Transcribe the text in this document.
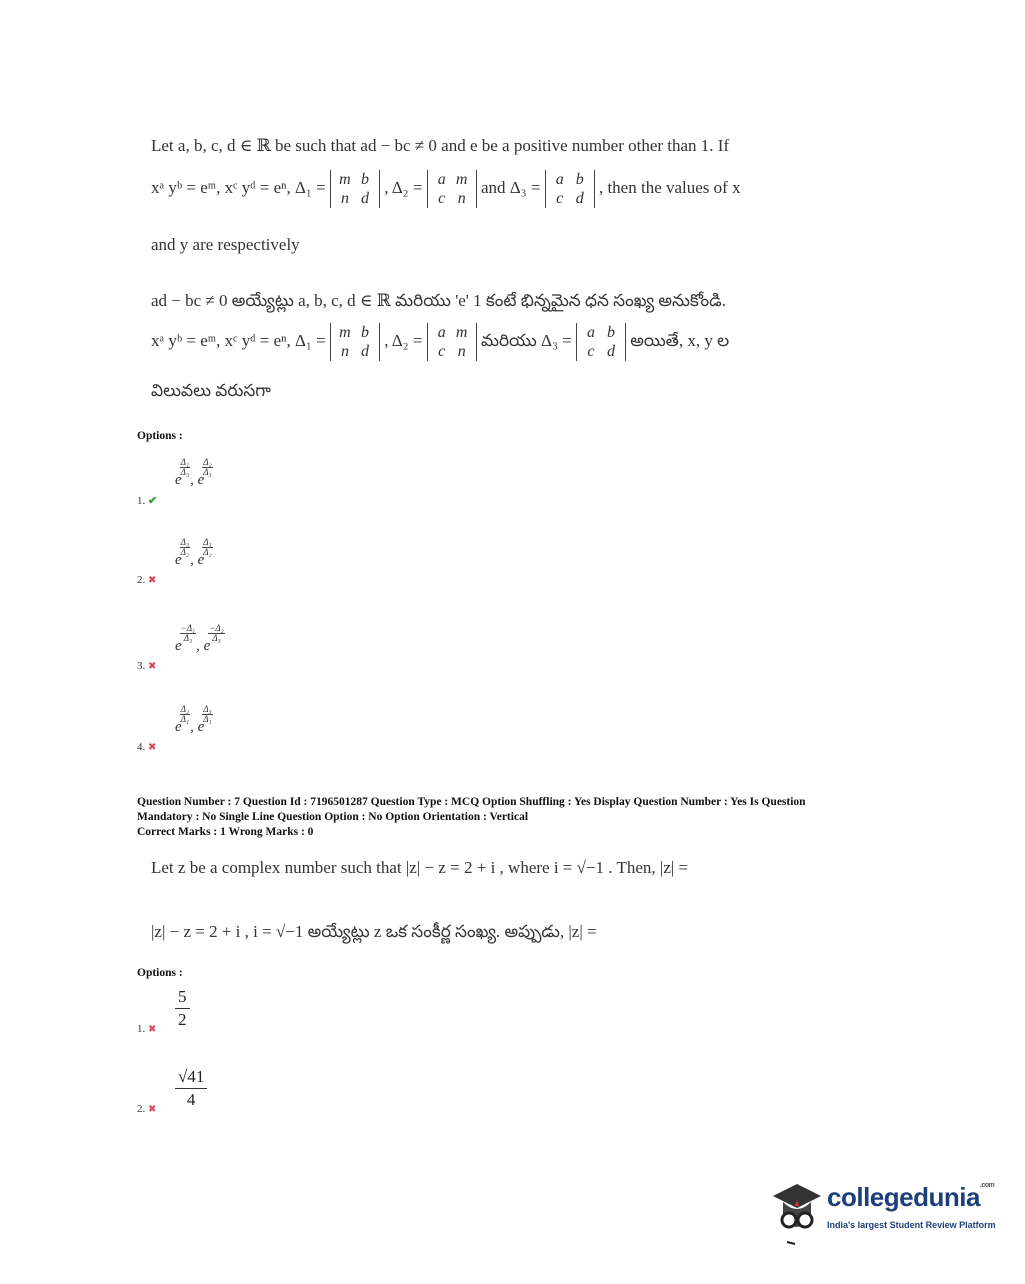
Let a, b, c, d ∈ ℝ be such that ad − bc ≠ 0 and e be a positive number other than 1. If
xᵃ yᵇ = eᵐ, xᶜ yᵈ = eⁿ, Δ₁ = m b
n d , Δ₂ = a m
c n and Δ₃ = a b
c d , then the values of x
and y are respectively
ad − bc ≠ 0 అయ్యేట్లు a, b, c, d ∈ ℝ మరియు 'e' 1 కంటే భిన్నమైన ధన సంఖ్య అనుకోండి.
xᵃ yᵇ = eᵐ, xᶜ yᵈ = eⁿ, Δ₁ = m b
n d , Δ₂ = a m
c n మరియు Δ₃ = a b
c d అయితే, x, y ల
విలువలు వరుసగా
Options :
e
$\frac{\text{Δ₁}}{\text{Δ₃}}$, e
$\frac{\text{Δ₂}}{\text{Δ₃}}$
1. ✔
e
$\frac{\text{Δ₃}}{\text{Δ₂}}$, e
$\frac{\text{Δ₁}}{\text{Δ₂}}$
2. ✖
e
$\frac{\text{−Δ₁}}{\text{Δ₃}}$, e
$\frac{\text{−Δ₂}}{\text{Δ₃}}$
3. ✖
e
$\frac{\text{Δ₂}}{\text{Δ₁}}$, e
$\frac{\text{Δ₃}}{\text{Δ₁}}$
4. ✖
Question Number : 7 Question Id : 7196501287 Question Type : MCQ Option Shuffling : Yes Display Question Number : Yes Is Question
Mandatory : No Single Line Question Option : No Option Orientation : Vertical
Correct Marks : 1 Wrong Marks : 0
Let z be a complex number such that |z| − z = 2 + i , where i = √−1 . Then, |z| =
|z| − z = 2 + i , i = √−1 అయ్యేట్లు z ఒక సంకీర్ణ సంఖ్య. అప్పుడు, |z| =
Options :
5
2
1. ✖
√41
4
2. ✖
collegedunia$^{.com}$
India's largest Student Review Platform
